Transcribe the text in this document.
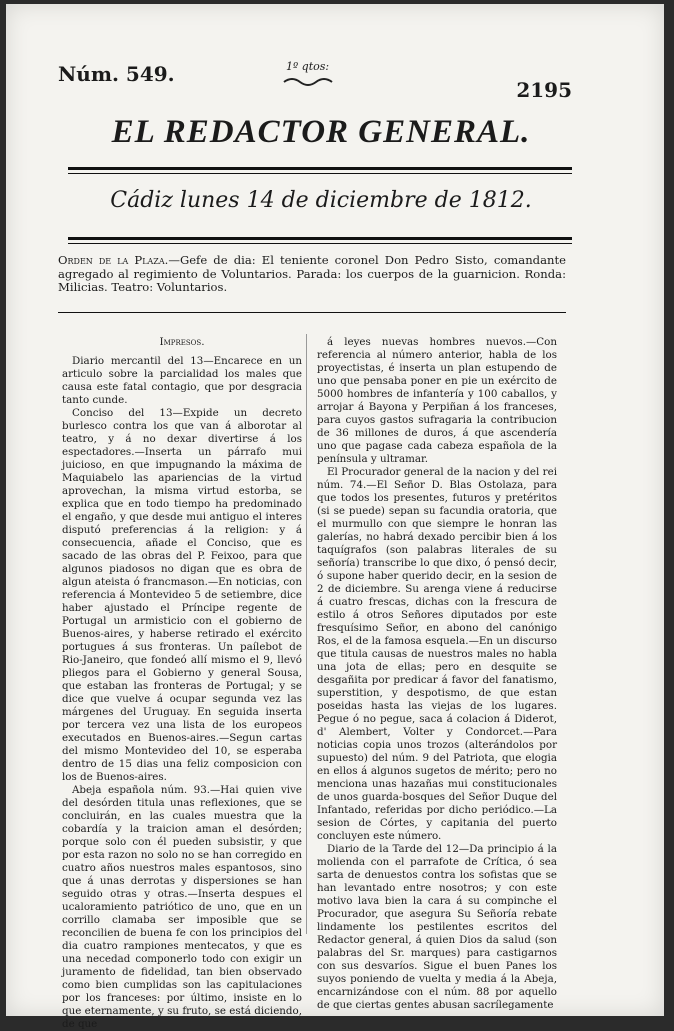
Núm. 549.	1º qtos:
2195
EL REDACTOR GENERAL.
Cádiz lunes 14 de diciembre de 1812.
Orden de la Plaza.—Gefe de dia: El teniente coronel Don Pedro Sisto, comandante agregado al regimiento de Voluntarios. Parada: los cuerpos de la guarnicion. Ronda: Milicias. Teatro: Voluntarios.
Impresos.

Diario mercantil del 13—Encarece en un articulo sobre la parcialidad los males que causa este fatal contagio, que por desgracia tanto cunde.

Conciso del 13—Expide un decreto burlesco contra los que van á alborotar al teatro, y á no dexar divertirse á los espectadores.—Inserta un párrafo mui juicioso, en que impugnando la máxima de Maquiabelo las apariencias de la virtud aprovechan, la misma virtud estorba, se explica que en todo tiempo ha predominado el engaño, y que desde mui antiguo el interes disputó preferencias á la religion: y á consecuencia, añade el Conciso, que es sacado de las obras del P. Feixoo, para que algunos piadosos no digan que es obra de algun ateista ó francmason.—En noticias, con referencia á Montevideo 5 de setiembre, dice haber ajustado el Príncipe regente de Portugal un armisticio con el gobierno de Buenos-aires, y haberse retirado el exército portugues á sus fronteras. Un paílebot de Rio-Janeiro, que fondeó allí mismo el 9, llevó pliegos para el Gobierno y general Sousa, que estaban las fronteras de Portugal; y se dice que vuelve á ocupar segunda vez las márgenes del Uruguay. En seguida inserta por tercera vez una lista de los europeos executados en Buenos-aires.—Segun cartas del mismo Montevideo del 10, se esperaba dentro de 15 dias una feliz composicion con los de Buenos-aires.

Abeja española núm. 93.—Hai quien vive del desórden titula unas reflexiones, que se concluirán, en las cuales muestra que la cobardía y la traicion aman el desórden; porque solo con él pueden subsistir, y que por esta razon no solo no se han corregido en cuatro años nuestros males espantosos, sino que á unas derrotas y dispersiones se han seguido otras y otras.—Inserta despues el ucaloramiento patriótico de uno, que en un corrillo clamaba ser imposible que se reconcilien de buena fe con los principios del dia cuatro rampiones mentecatos, y que es una necedad componerlo todo con exigir un juramento de fidelidad, tan bien observado como bien cumplidas son las capitulaciones por los franceses: por último, insiste en lo que eternamente, y su fruto, se está diciendo, de que

á leyes nuevas hombres nuevos.—Con referencia al número anterior, habla de los proyectistas, é inserta un plan estupendo de uno que pensaba poner en pie un exército de 5000 hombres de infantería y 100 caballos, y arrojar á Bayona y Perpiñan á los franceses, para cuyos gastos sufragaria la contribucion de 36 millones de duros, á que ascendería uno que pagase cada cabeza española de la península y ultramar.

El Procurador general de la nacion y del rei núm. 74.—El Señor D. Blas Ostolaza, para que todos los presentes, futuros y pretéritos (si se puede) sepan su facundia oratoria, que el murmullo con que siempre le honran las galerías, no habrá dexado percibir bien á los taquígrafos (son palabras literales de su señoría) transcribe lo que dixo, ó pensó decir, ó supone haber querido decir, en la sesion de 2 de diciembre. Su arenga viene á reducirse á cuatro frescas, dichas con la frescura de estilo á otros Señores diputados por este fresquísimo Señor, en abono del canónigo Ros, el de la famosa esquela.—En un discurso que titula causas de nuestros males no habla una jota de ellas; pero en desquite se desgañita por predicar á favor del fanatismo, superstition, y despotismo, de que estan poseidas hasta las viejas de los lugares. Pegue ó no pegue, saca á colacion á Diderot, d' Alembert, Volter y Condorcet.—Para noticias copia unos trozos (alterándolos por supuesto) del núm. 9 del Patriota, que elogia en ellos á algunos sugetos de mérito; pero no menciona unas hazañas mui constitucionales de unos guarda-bosques del Señor Duque del Infantado, referidas por dicho periódico.—La sesion de Córtes, y capitania del puerto concluyen este número.

Diario de la Tarde del 12—Da principio á la molienda con el parrafote de Crítica, ó sea sarta de denuestos contra los sofistas que se han levantado entre nosotros; y con este motivo lava bien la cara á su compinche el Procurador, que asegura Su Señoría rebate lindamente los pestilentes escritos del Redactor general, á quien Dios da salud (son palabras del Sr. marques) para castigarnos con sus desvaríos. Sigue el buen Panes los suyos poniendo de vuelta y media á la Abeja, encarnizándose con el núm. 88 por aquello de que ciertas gentes abusan sacrílegamente
